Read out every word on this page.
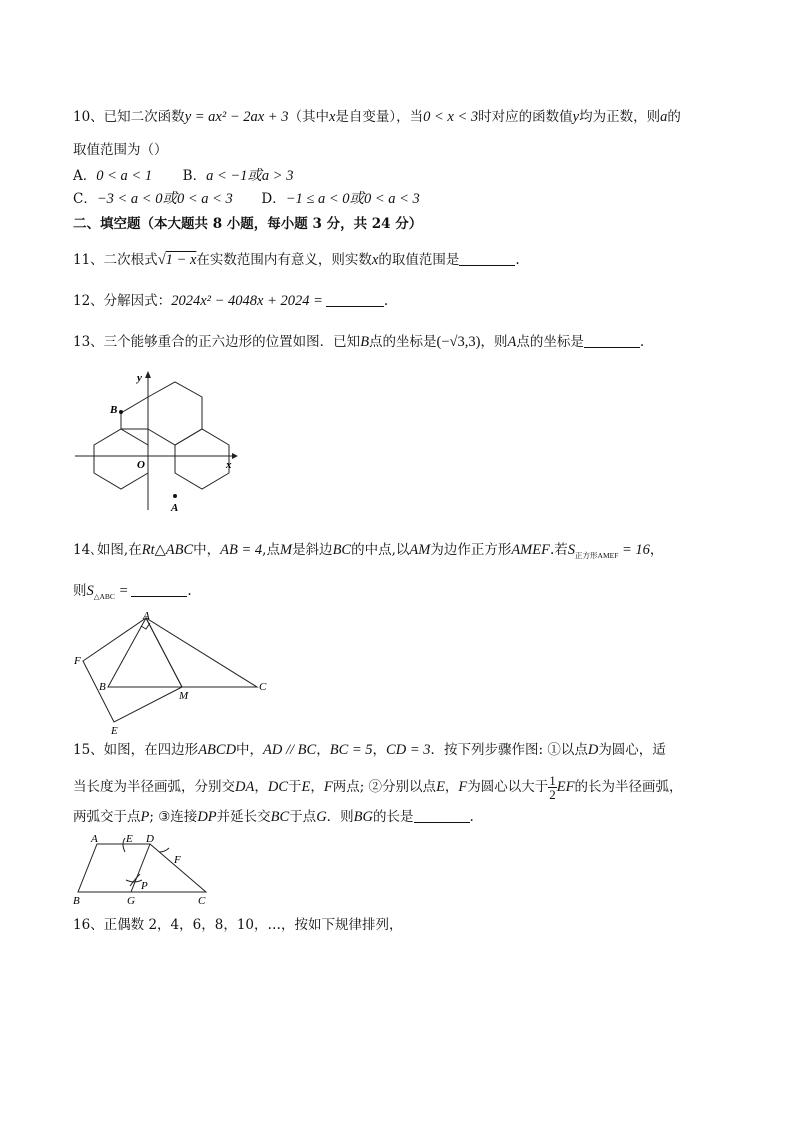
10、已知二次函数y = ax² − 2ax + 3（其中x是自变量），当0 < x < 3时对应的函数值y均为正数，则a的
取值范围为（）
A．0 < a < 1 B．a < −1或a > 3
C．−3 < a < 0或0 < a < 3 D．−1 ≤ a < 0或0 < a < 3
二、填空题（本大题共 8 小题，每小题 3 分，共 24 分）
11、二次根式√1 − x在实数范围内有意义，则实数x的取值范围是	.
12、分解因式：2024x² − 4048x + 2024 =	.
13、三个能够重合的正六边形的位置如图．已知B点的坐标是(−√3,3)，则A点的坐标是	.
y
x
O
B
A
14､如图,在Rt△ABC中，AB = 4,点M是斜边BC的中点,以AM为边作正方形AMEF.若$S_{正方形AMEF} = 16$，
则$S_{\triangle ABC}$ =	.
A
F
B
M
C
E
15、如图，在四边形ABCD中，AD // BC，BC = 5，CD = 3．按下列步骤作图: ①以点D为圆心，适
当长度为半径画弧，分别交DA，DC于E，F两点; ②分别以点E，F为圆心以大于 $\frac{1}{2}$ EF的长为半径画弧，
两弧交于点P; ③连接DP并延长交BC于点G．则BG的长是	.
A	E D
F
P
B	G	C
16、正偶数 2，4，6，8，10，…，按如下规律排列，
